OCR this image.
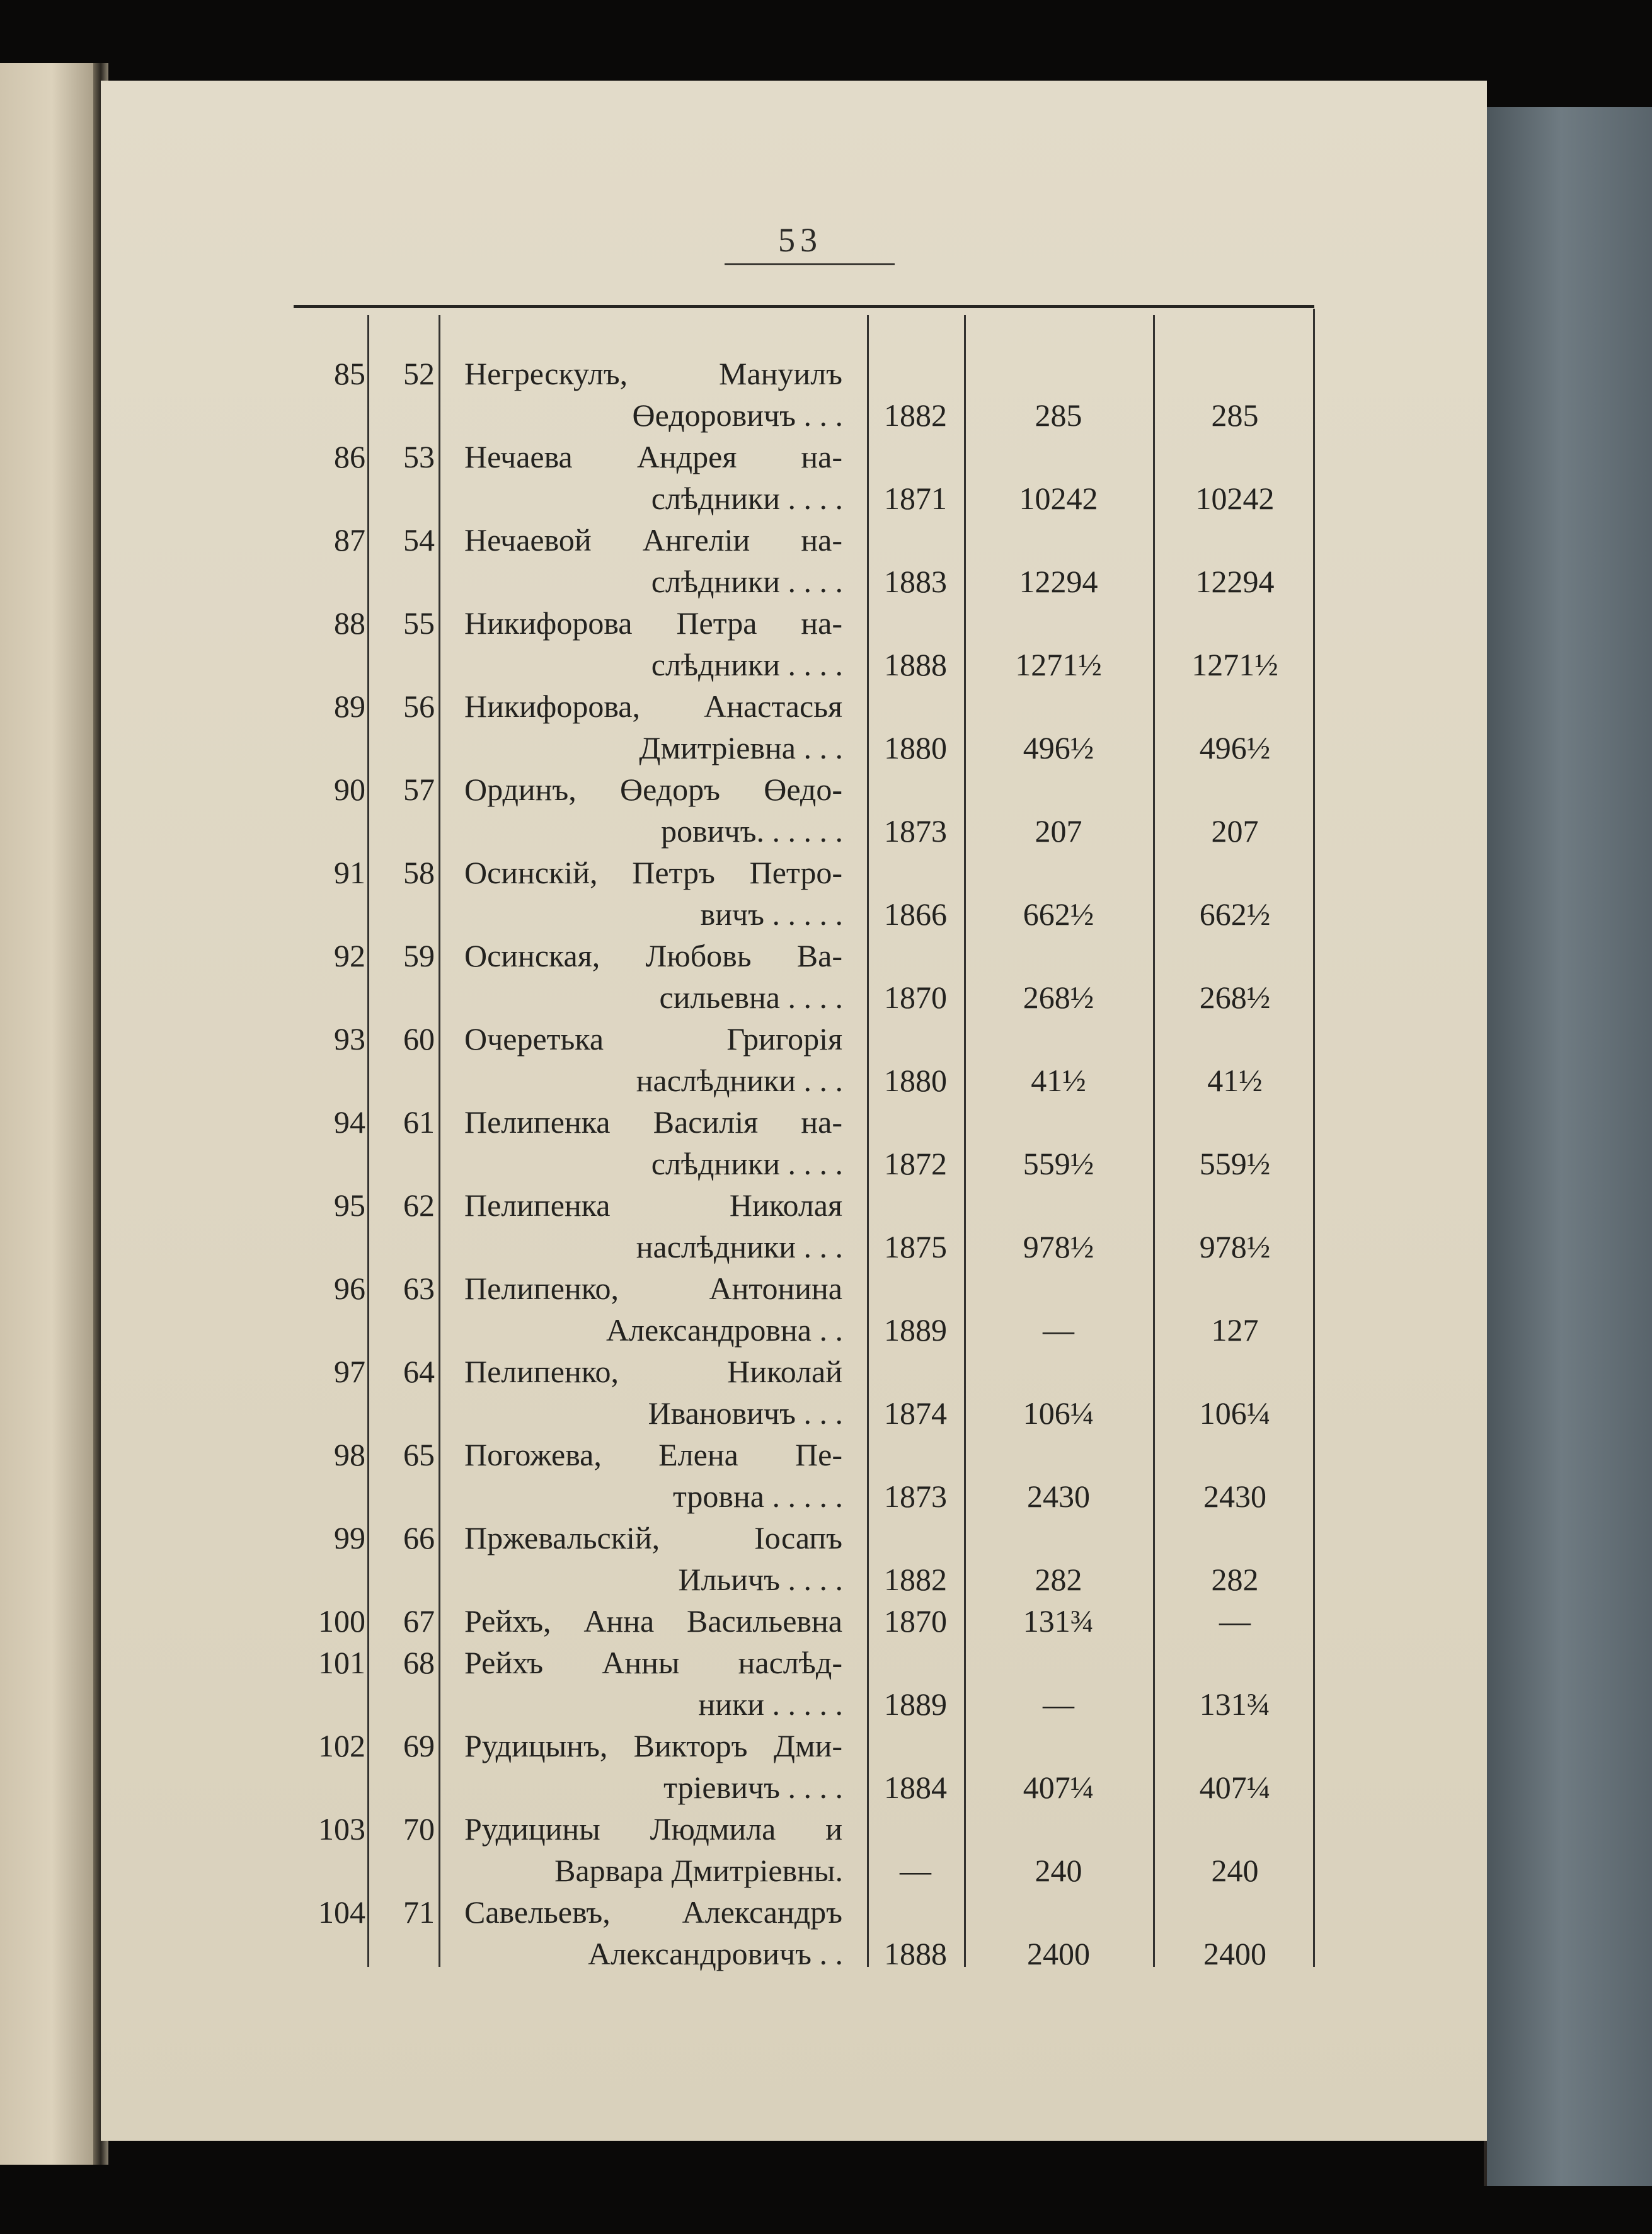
53
85	52 Негрескулъ, Мануилъ
Өедоровичъ . . .	1882	285	285
86	53 Нечаева Андрея на-
слѣдники . . . .	1871	10242	10242
87	54 Нечаевой Ангеліи на-
слѣдники . . . .	1883	12294	12294
88	55 Никифорова Петра на-
слѣдники . . . .	1888	1271½	1271½
89	56 Никифорова, Анастасья
Дмитріевна . . .	1880	496½	496½
90	57 Ординъ, Өедоръ Өедо-
ровичъ. . . . . .	1873	207	207
91	58 Осинскій, Петръ Петро-
вичъ . . . . .	1866	662½	662½
92	59 Осинская, Любовь Ва-
сильевна . . . .	1870	268½	268½
93	60 Очеретька Григорія
наслѣдники . . .	1880	41½	41½
94	61 Пелипенка Василія на-
слѣдники . . . .	1872	559½	559½
95	62 Пелипенка Николая
наслѣдники . . .	1875	978½	978½
96	63 Пелипенко, Антонина
Александровна . .	1889	—	127
97	64 Пелипенко, Николай
Ивановичъ . . .	1874	106¼	106¼
98	65 Погожева, Елена Пе-
тровна . . . . .	1873	2430	2430
99	66 Пржевальскій, Іосапъ
Ильичъ . . . .	1882	282	282
100	67 Рейхъ, Анна Васильевна	1870	131¾	—
101	68 Рейхъ Анны наслѣд-
ники . . . . .	1889	—	131¾
102	69 Рудицынъ, Викторъ Дми-
тріевичъ . . . .	1884	407¼	407¼
103	70 Рудицины Людмила и
Варвара Дмитріевны.	—	240	240
104	71 Савельевъ, Александръ
Александровичъ . .	1888	2400	2400
